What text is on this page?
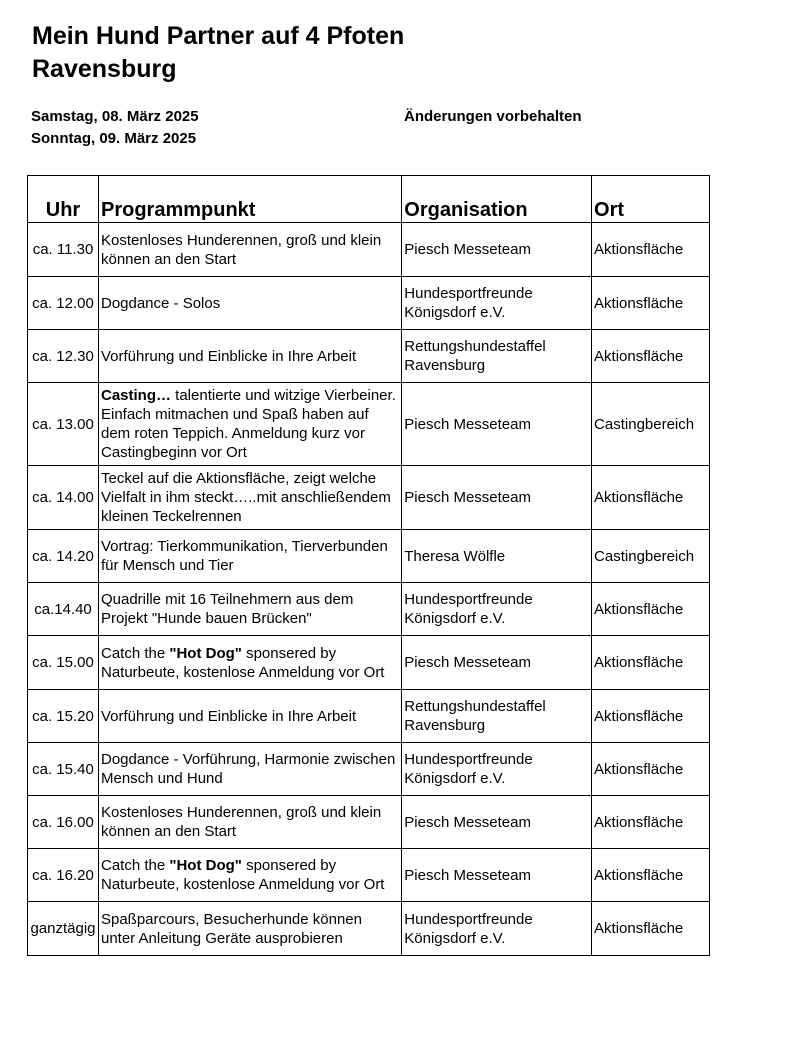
Mein Hund Partner auf 4 Pfoten
Ravensburg
Samstag, 08. März 2025
Sonntag, 09. März 2025
Änderungen vorbehalten
Uhr	Programmpunkt	Organisation	Ort
ca. 11.30	Kostenloses Hunderennen, groß und klein können an den Start	Piesch Messeteam	Aktionsfläche
ca. 12.00	Dogdance - Solos	Hundesportfreunde Königsdorf e.V.	Aktionsfläche
ca. 12.30	Vorführung und Einblicke in Ihre Arbeit	Rettungshundestaffel Ravensburg	Aktionsfläche
ca. 13.00	Casting… talentierte und witzige Vierbeiner. Einfach mitmachen und Spaß haben auf dem roten Teppich. Anmeldung kurz vor Castingbeginn vor Ort	Piesch Messeteam	Castingbereich
ca. 14.00	Teckel auf die Aktionsfläche, zeigt welche Vielfalt in ihm steckt…..mit anschließendem kleinen Teckelrennen	Piesch Messeteam	Aktionsfläche
ca. 14.20	Vortrag: Tierkommunikation, Tierverbunden für Mensch und Tier	Theresa Wölfle	Castingbereich
ca.14.40	Quadrille mit 16 Teilnehmern aus dem Projekt "Hunde bauen Brücken"	Hundesportfreunde Königsdorf e.V.	Aktionsfläche
ca. 15.00	Catch the "Hot Dog" sponsered by Naturbeute, kostenlose Anmeldung vor Ort	Piesch Messeteam	Aktionsfläche
ca. 15.20	Vorführung und Einblicke in Ihre Arbeit	Rettungshundestaffel Ravensburg	Aktionsfläche
ca. 15.40	Dogdance - Vorführung, Harmonie zwischen Mensch und Hund	Hundesportfreunde Königsdorf e.V.	Aktionsfläche
ca. 16.00	Kostenloses Hunderennen, groß und klein können an den Start	Piesch Messeteam	Aktionsfläche
ca. 16.20	Catch the "Hot Dog" sponsered by Naturbeute, kostenlose Anmeldung vor Ort	Piesch Messeteam	Aktionsfläche
ganztägig	Spaßparcours, Besucherhunde können unter Anleitung Geräte ausprobieren	Hundesportfreunde Königsdorf e.V.	Aktionsfläche
